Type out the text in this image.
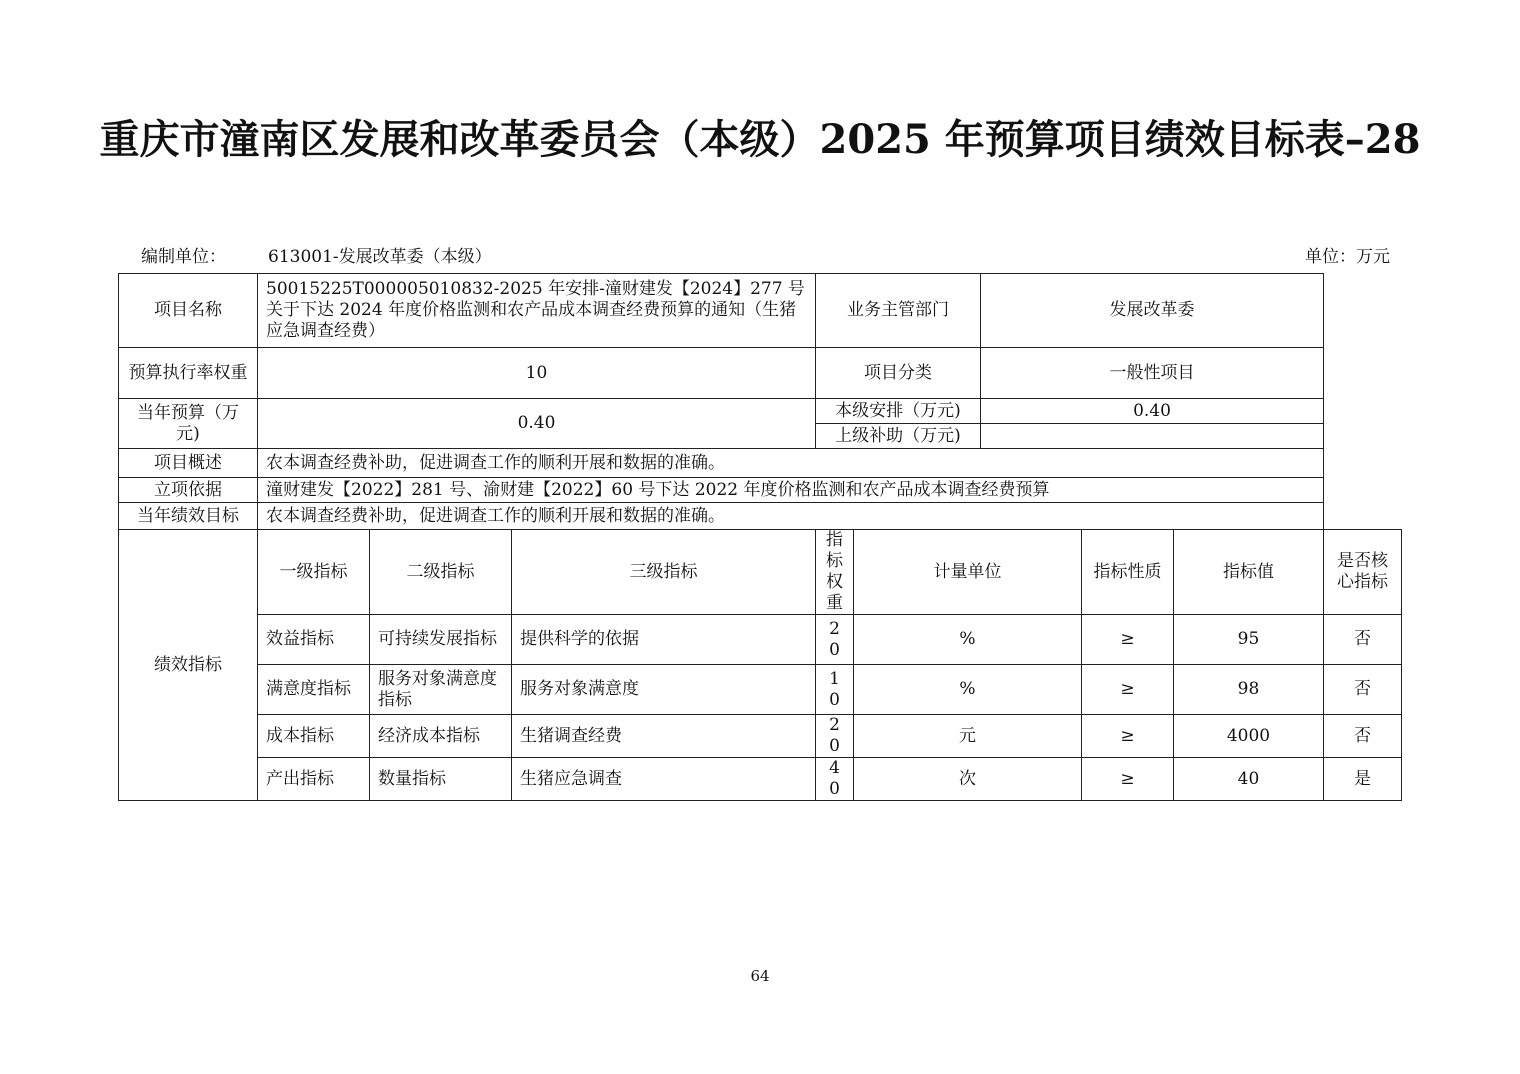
重庆市潼南区发展和改革委员会（本级）2025 年预算项目绩效目标表–28
编制单位： 613001-发展改革委（本级）	单位：万元
项目名称	50015225T000005010832-2025 年安排-潼财建发【2024】277 号关于下达 2024 年度价格监测和农产品成本调查经费预算的通知（生猪应急调查经费）			业务主管部门		发展改革委			
预算执行率权重	10			项目分类		一般性项目			
当年预算（万元)	0.40			本级安排（万元)		0.40			
				上级补助（万元)					
项目概述	农本调查经费补助，促进调查工作的顺利开展和数据的准确。								
立项依据	潼财建发【2022】281 号、渝财建【2022】60 号下达 2022 年度价格监测和农产品成本调查经费预算								
当年绩效目标	农本调查经费补助，促进调查工作的顺利开展和数据的准确。								
绩效指标	一级指标	二级指标	三级指标	指标权重	计量单位		指标性质	指标值	是否核心指标
	效益指标	可持续发展指标	提供科学的依据	20	%		≥	95	否
	满意度指标	服务对象满意度指标	服务对象满意度	10	%		≥	98	否
	成本指标	经济成本指标	生猪调查经费	20	元		≥	4000	否
	产出指标	数量指标	生猪应急调查	40	次		≥	40	是
64
